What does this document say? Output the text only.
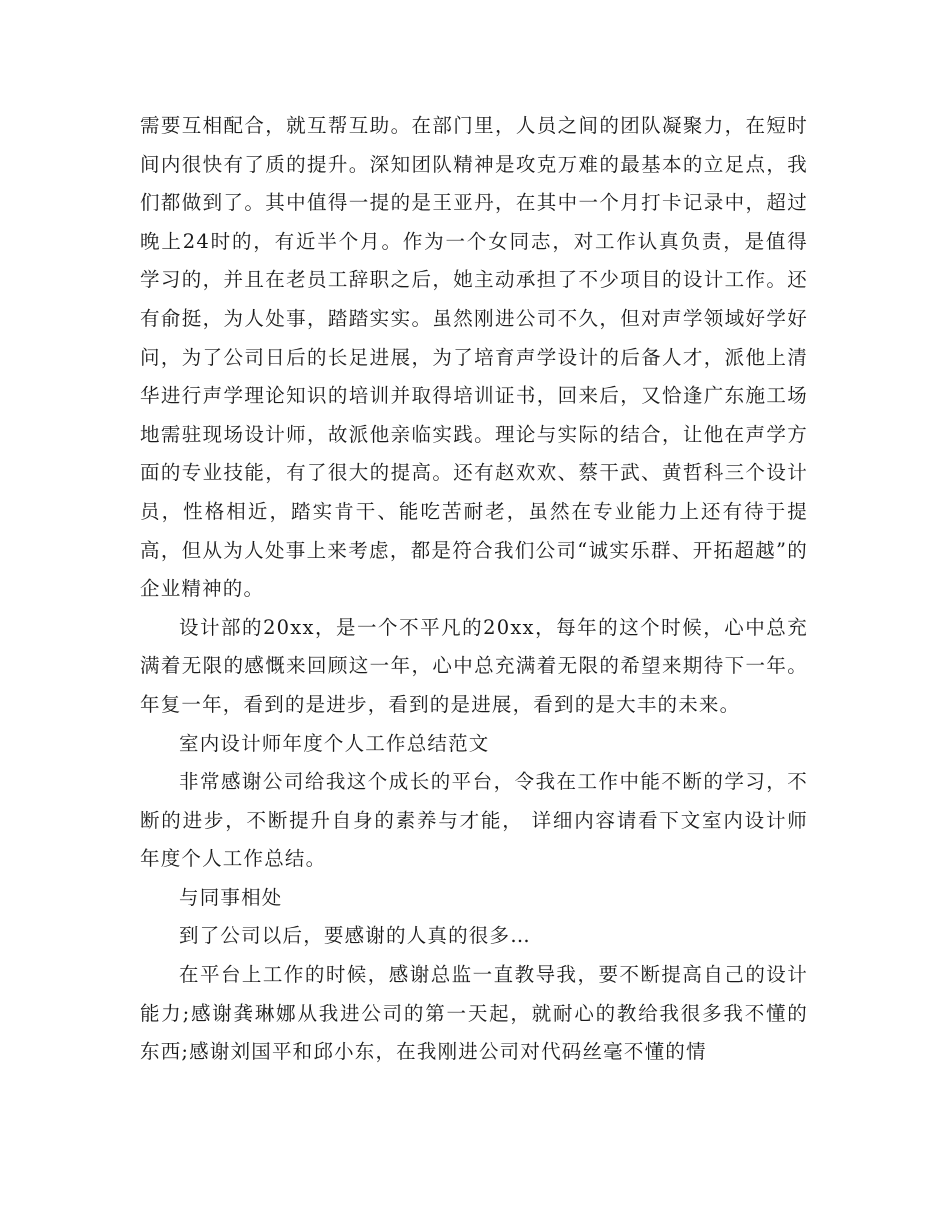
需要互相配合，就互帮互助。在部门里，人员之间的团队凝聚力，在短时间内很快有了质的提升。深知团队精神是攻克万难的最基本的立足点，我们都做到了。其中值得一提的是王亚丹，在其中一个月打卡记录中，超过晚上24时的，有近半个月。作为一个女同志，对工作认真负责，是值得学习的，并且在老员工辞职之后，她主动承担了不少项目的设计工作。还有俞挺，为人处事，踏踏实实。虽然刚进公司不久，但对声学领域好学好问，为了公司日后的长足进展，为了培育声学设计的后备人才，派他上清华进行声学理论知识的培训并取得培训证书，回来后，又恰逢广东施工场地需驻现场设计师，故派他亲临实践。理论与实际的结合，让他在声学方面的专业技能，有了很大的提高。还有赵欢欢、蔡干武、黄哲科三个设计员，性格相近，踏实肯干、能吃苦耐老，虽然在专业能力上还有待于提高，但从为人处事上来考虑，都是符合我们公司“诚实乐群、开拓超越”的企业精神的。

设计部的20xx，是一个不平凡的20xx，每年的这个时候，心中总充满着无限的感慨来回顾这一年，心中总充满着无限的希望来期待下一年。年复一年，看到的是进步，看到的是进展，看到的是大丰的未来。

室内设计师年度个人工作总结范文

非常感谢公司给我这个成长的平台，令我在工作中能不断的学习，不断的进步，不断提升自身的素养与才能， 详细内容请看下文室内设计师年度个人工作总结。

与同事相处

到了公司以后，要感谢的人真的很多…

在平台上工作的时候，感谢总监一直教导我，要不断提高自己的设计能力;感谢龚琳娜从我进公司的第一天起，就耐心的教给我很多我不懂的东西;感谢刘国平和邱小东，在我刚进公司对代码丝毫不懂的情
